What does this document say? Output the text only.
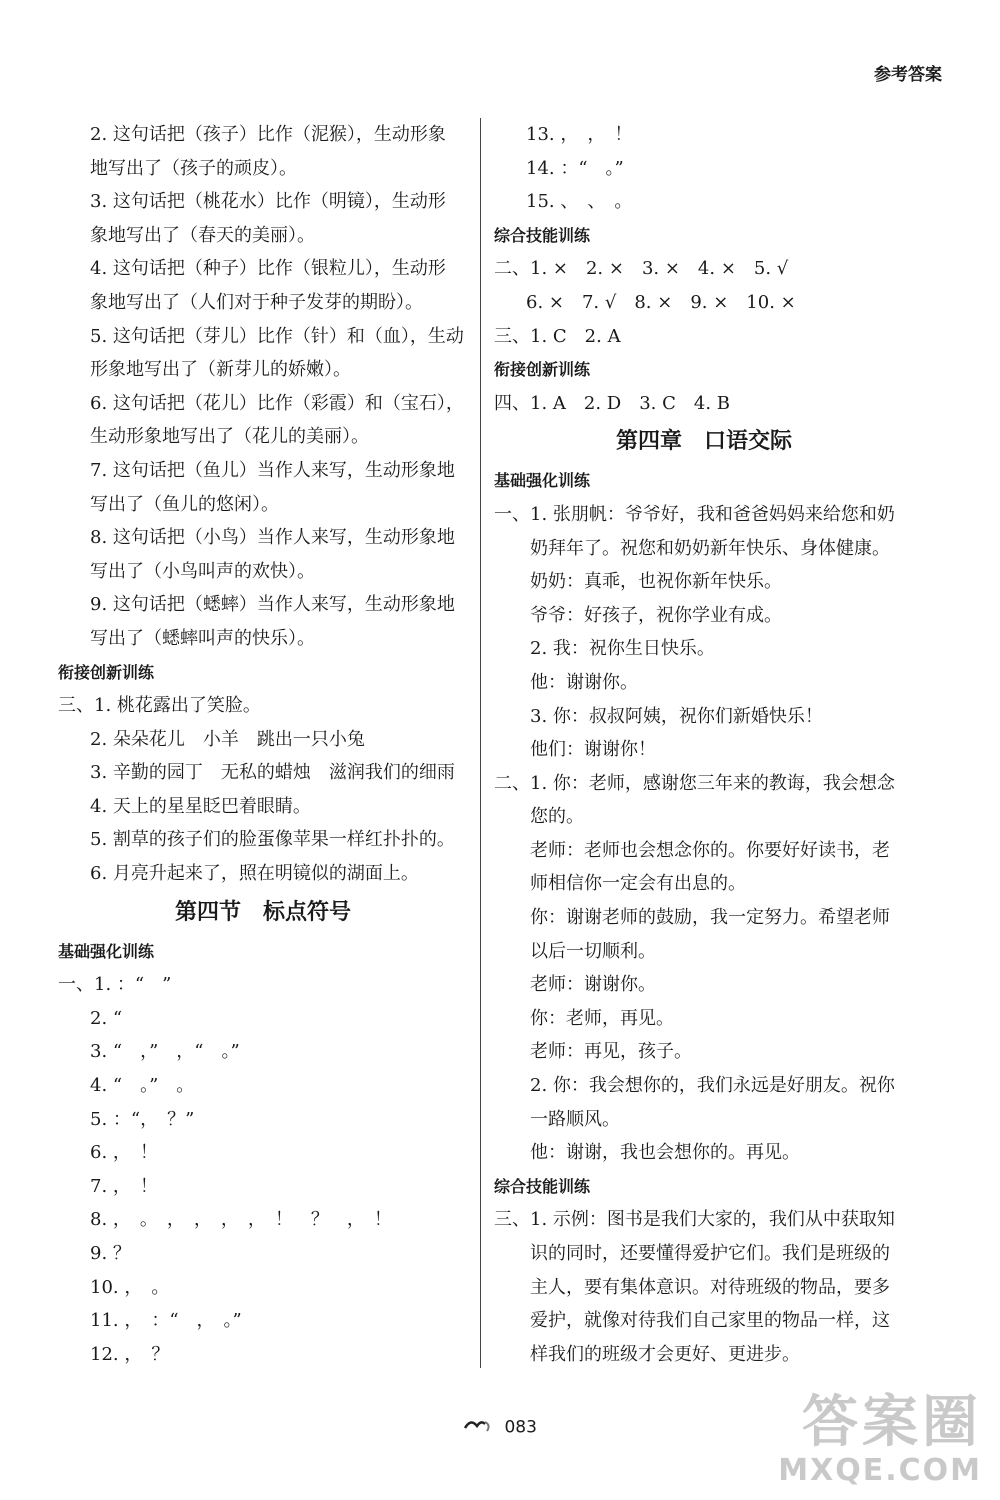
参考答案
2. 这句话把（孩子）比作（泥猴），生动形象
地写出了（孩子的顽皮）。
3. 这句话把（桃花水）比作（明镜），生动形
象地写出了（春天的美丽）。
4. 这句话把（种子）比作（银粒儿），生动形
象地写出了（人们对于种子发芽的期盼）。
5. 这句话把（芽儿）比作（针）和（血），生动
形象地写出了（新芽儿的娇嫩）。
6. 这句话把（花儿）比作（彩霞）和（宝石），
生动形象地写出了（花儿的美丽）。
7. 这句话把（鱼儿）当作人来写，生动形象地
写出了（鱼儿的悠闲）。
8. 这句话把（小鸟）当作人来写，生动形象地
写出了（小鸟叫声的欢快）。
9. 这句话把（蟋蟀）当作人来写，生动形象地
写出了（蟋蟀叫声的快乐）。
衔接创新训练
三、1. 桃花露出了笑脸。
2. 朵朵花儿　小羊　跳出一只小兔
3. 辛勤的园丁　无私的蜡烛　滋润我们的细雨
4. 天上的星星眨巴着眼睛。
5. 割草的孩子们的脸蛋像苹果一样红扑扑的。
6. 月亮升起来了，照在明镜似的湖面上。
第四节　标点符号
基础强化训练
一、1. ：“　”
2. “
3. “　，”　，“　。”
4. “　。”　。
5. ：“，　？”
6. ，　！
7. ，　！
8. ，　。　，　，　，　，　！　？　，　！
9. ？
10. ，　。
11. ，　：“　，　。”
12. ，　？
13. ，　，　！
14. ：“　。”
15. 、　、　。
综合技能训练
二、1. ×　2. ×　3. ×　4. ×　5. √
6. ×　7. √　8. ×　9. ×　10. ×
三、1. C　2. A
衔接创新训练
四、1. A　2. D　3. C　4. B
第四章　口语交际
基础强化训练
一、1. 张朋帆：爷爷好，我和爸爸妈妈来给您和奶
奶拜年了。祝您和奶奶新年快乐、身体健康。
奶奶：真乖，也祝你新年快乐。
爷爷：好孩子，祝你学业有成。
2. 我：祝你生日快乐。
他：谢谢你。
3. 你：叔叔阿姨，祝你们新婚快乐！
他们：谢谢你！
二、1. 你：老师，感谢您三年来的教诲，我会想念
您的。
老师：老师也会想念你的。你要好好读书，老
师相信你一定会有出息的。
你：谢谢老师的鼓励，我一定努力。希望老师
以后一切顺利。
老师：谢谢你。
你：老师，再见。
老师：再见，孩子。
2. 你：我会想你的，我们永远是好朋友。祝你
一路顺风。
他：谢谢，我也会想你的。再见。
综合技能训练
三、1. 示例：图书是我们大家的，我们从中获取知
识的同时，还要懂得爱护它们。我们是班级的
主人，要有集体意识。对待班级的物品，要多
爱护，就像对待我们自己家里的物品一样，这
样我们的班级才会更好、更进步。
083	答案圈
MXQE.COM
